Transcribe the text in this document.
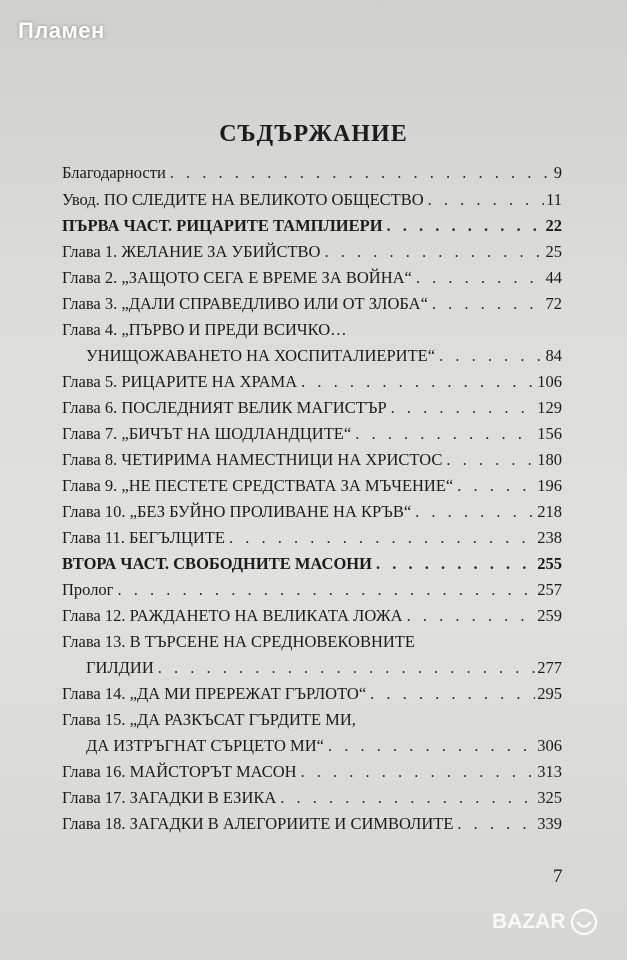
Пламен
СЪДЪРЖАНИЕ
Благодарности . . .	9
Увод. ПО СЛЕДИТЕ НА ВЕЛИКОТО ОБЩЕСТВО . . .	11
ПЪРВА ЧАСТ. РИЦАРИТЕ ТАМПЛИЕРИ . . .	22
Глава 1. ЖЕЛАНИЕ ЗА УБИЙСТВО . . .	25
Глава 2. „ЗАЩОТО СЕГА Е ВРЕМЕ ЗА ВОЙНА“ . . .	44
Глава 3. „ДАЛИ СПРАВЕДЛИВО ИЛИ ОТ ЗЛОБА“ . . .	72
Глава 4. „ПЪРВО И ПРЕДИ ВСИЧКО…
УНИЩОЖАВАНЕТО НА ХОСПИТАЛИЕРИТЕ“ . . .	84
Глава 5. РИЦАРИТЕ НА ХРАМА . . .	106
Глава 6. ПОСЛЕДНИЯТ ВЕЛИК МАГИСТЪР . . .	129
Глава 7. „БИЧЪТ НА ШОДЛАНДЦИТЕ“ . . .	156
Глава 8. ЧЕТИРИМА НАМЕСТНИЦИ НА ХРИСТОС . . .	180
Глава 9. „НЕ ПЕСТЕТЕ СРЕДСТВАТА ЗА МЪЧЕНИЕ“ . . .	196
Глава 10. „БЕЗ БУЙНО ПРОЛИВАНЕ НА КРЪВ“ . . .	218
Глава 11. БЕГЪЛЦИТЕ . . .	238
ВТОРА ЧАСТ. СВОБОДНИТЕ МАСОНИ . . .	255
Пролог . . .	257
Глава 12. РАЖДАНЕТО НА ВЕЛИКАТА ЛОЖА . . .	259
Глава 13. В ТЪРСЕНЕ НА СРЕДНОВЕКОВНИТЕ
ГИЛДИИ . . .	277
Глава 14. „ДА МИ ПРЕРЕЖАТ ГЪРЛОТО“ . . .	295
Глава 15. „ДА РАЗКЪСАТ ГЪРДИТЕ МИ,
ДА ИЗТРЪГНАТ СЪРЦЕТО МИ“ . . .	306
Глава 16. МАЙСТОРЪТ МАСОН . . .	313
Глава 17. ЗАГАДКИ В ЕЗИКА . . .	325
Глава 18. ЗАГАДКИ В АЛЕГОРИИТЕ И СИМВОЛИТЕ . . .	339
7
BAZAR
